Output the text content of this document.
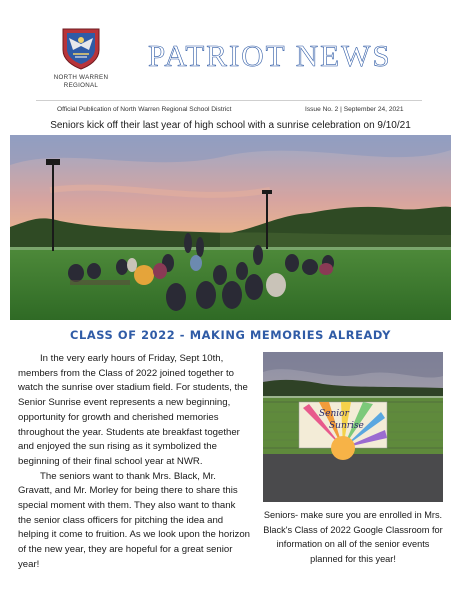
NORTH WARREN
REGIONAL
PATRIOT NEWS
Official Publication of North Warren Regional School District	Issue No. 2 | September 24, 2021
Seniors kick off their last year of high school with a sunrise celebration on 9/10/21
CLASS OF 2022 - MAKING MEMORIES ALREADY

In the very early hours of Friday, Sept 10th, members from the Class of 2022 joined together to watch the sunrise over stadium field. For students, the Senior Sunrise event represents a new beginning, opportunity for growth and cherished memories throughout the year. Students ate breakfast together and enjoyed the sun rising as it symbolized the beginning of their final school year at NWR.

The seniors want to thank Mrs. Black, Mr. Gravatt, and Mr. Morley for being there to share this special moment with them. They also want to thank the senior class officers for pitching the idea and helping it come to fruition. As we look upon the horizon of the new year, they are hopeful for a great senior year!

Senior
Sunrise
Seniors- make sure you are enrolled in Mrs. Black's Class of 2022 Google Classroom for information on all of the senior events planned for this year!
